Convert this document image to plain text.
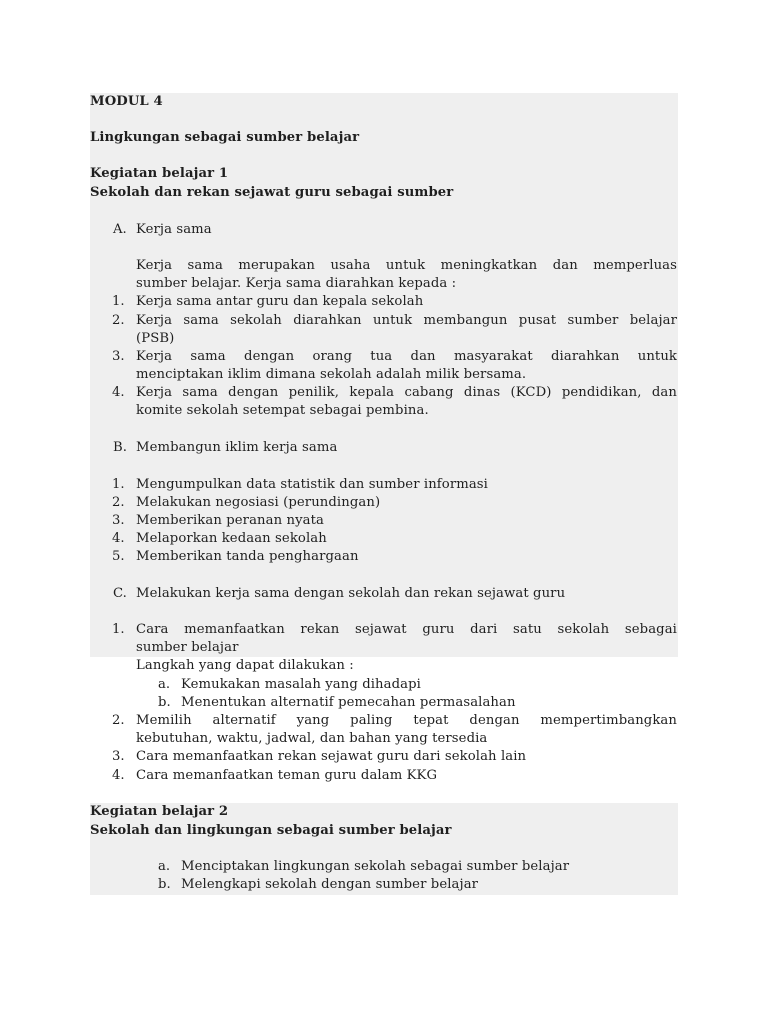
MODUL 4
Lingkungan sebagai sumber belajar
Kegiatan belajar 1
Sekolah dan rekan sejawat guru sebagai sumber
A. Kerja sama
Kerja sama merupakan usaha untuk meningkatkan dan memperluas
sumber belajar. Kerja sama diarahkan kepada :
1. Kerja sama antar guru dan kepala sekolah
2. Kerja sama sekolah diarahkan untuk membangun pusat sumber belajar
(PSB)
3. Kerja sama dengan orang tua dan masyarakat diarahkan untuk
menciptakan iklim dimana sekolah adalah milik bersama.
4. Kerja sama dengan penilik, kepala cabang dinas (KCD) pendidikan, dan
komite sekolah setempat sebagai pembina.
B. Membangun iklim kerja sama
1. Mengumpulkan data statistik dan sumber informasi
2. Melakukan negosiasi (perundingan)
3. Memberikan peranan nyata
4. Melaporkan kedaan sekolah
5. Memberikan tanda penghargaan
C. Melakukan kerja sama dengan sekolah dan rekan sejawat guru
1. Cara memanfaatkan rekan sejawat guru dari satu sekolah sebagai
sumber belajar
Langkah yang dapat dilakukan :
a. Kemukakan masalah yang dihadapi
b. Menentukan alternatif pemecahan permasalahan
2. Memilih alternatif yang paling tepat dengan mempertimbangkan
kebutuhan, waktu, jadwal, dan bahan yang tersedia
3. Cara memanfaatkan rekan sejawat guru dari sekolah lain
4. Cara memanfaatkan teman guru dalam KKG
Kegiatan belajar 2
Sekolah dan lingkungan sebagai sumber belajar
a. Menciptakan lingkungan sekolah sebagai sumber belajar
b. Melengkapi sekolah dengan sumber belajar
